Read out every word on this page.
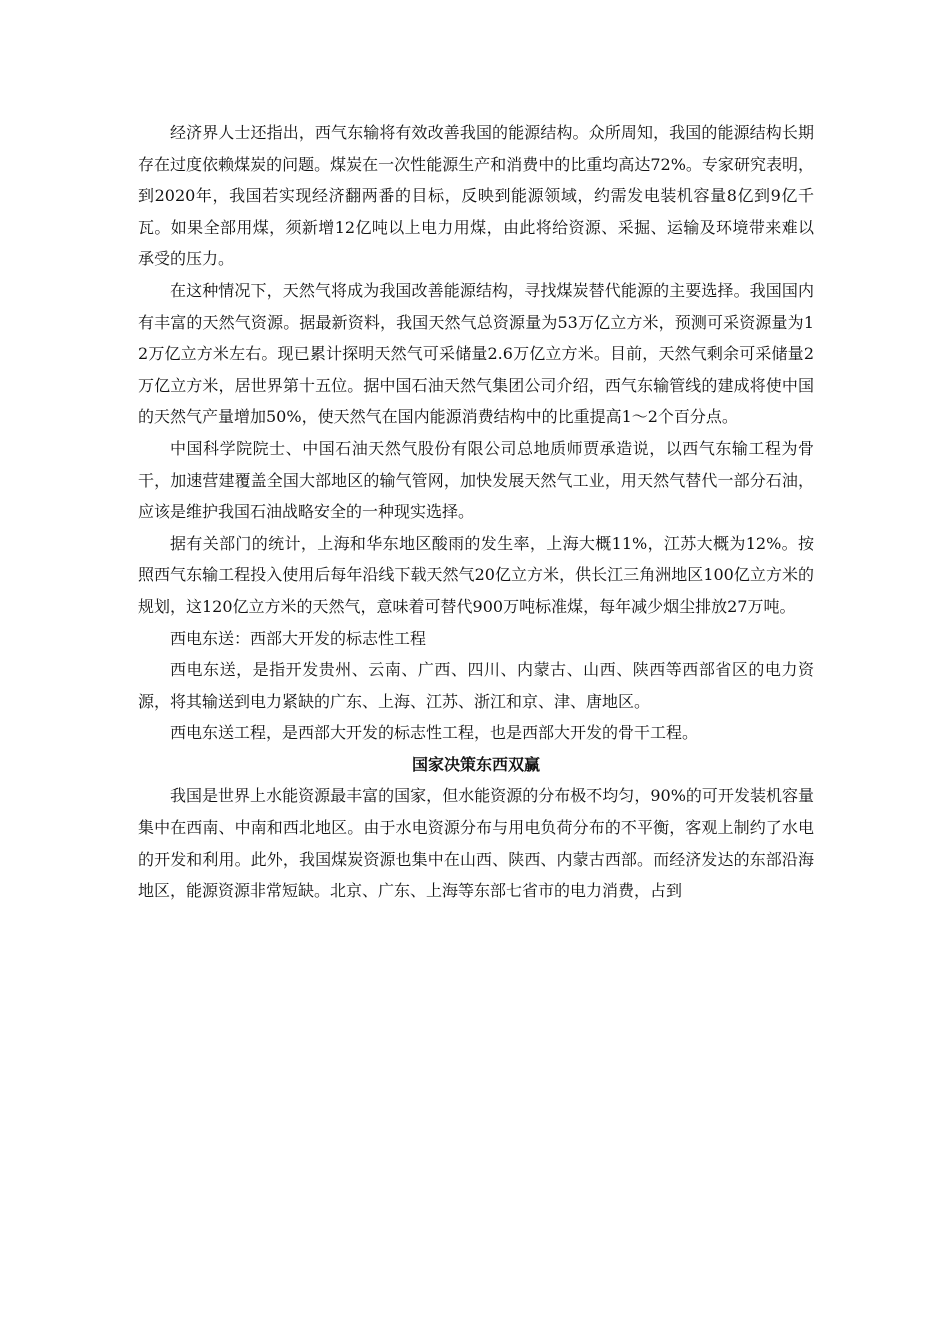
经济界人士还指出，西气东输将有效改善我国的能源结构。众所周知，我国的能源结构长期存在过度依赖煤炭的问题。煤炭在一次性能源生产和消费中的比重均高达72%。专家研究表明，到2020年，我国若实现经济翻两番的目标，反映到能源领域，约需发电装机容量8亿到9亿千瓦。如果全部用煤，须新增12亿吨以上电力用煤，由此将给资源、采掘、运输及环境带来难以承受的压力。

在这种情况下，天然气将成为我国改善能源结构，寻找煤炭替代能源的主要选择。我国国内有丰富的天然气资源。据最新资料，我国天然气总资源量为53万亿立方米，预测可采资源量为12万亿立方米左右。现已累计探明天然气可采储量2.6万亿立方米。目前，天然气剩余可采储量2万亿立方米，居世界第十五位。据中国石油天然气集团公司介绍，西气东输管线的建成将使中国的天然气产量增加50%，使天然气在国内能源消费结构中的比重提高1～2个百分点。

中国科学院院士、中国石油天然气股份有限公司总地质师贾承造说，以西气东输工程为骨干，加速营建覆盖全国大部地区的输气管网，加快发展天然气工业，用天然气替代一部分石油，应该是维护我国石油战略安全的一种现实选择。

据有关部门的统计，上海和华东地区酸雨的发生率，上海大概11%，江苏大概为12%。按照西气东输工程投入使用后每年沿线下载天然气20亿立方米，供长江三角洲地区100亿立方米的规划，这120亿立方米的天然气，意味着可替代900万吨标准煤，每年减少烟尘排放27万吨。

西电东送：西部大开发的标志性工程

西电东送，是指开发贵州、云南、广西、四川、内蒙古、山西、陕西等西部省区的电力资源，将其输送到电力紧缺的广东、上海、江苏、浙江和京、津、唐地区。

西电东送工程，是西部大开发的标志性工程，也是西部大开发的骨干工程。

国家决策东西双赢

我国是世界上水能资源最丰富的国家，但水能资源的分布极不均匀，90%的可开发装机容量集中在西南、中南和西北地区。由于水电资源分布与用电负荷分布的不平衡，客观上制约了水电的开发和利用。此外，我国煤炭资源也集中在山西、陕西、内蒙古西部。而经济发达的东部沿海地区，能源资源非常短缺。北京、广东、上海等东部七省市的电力消费，占到
